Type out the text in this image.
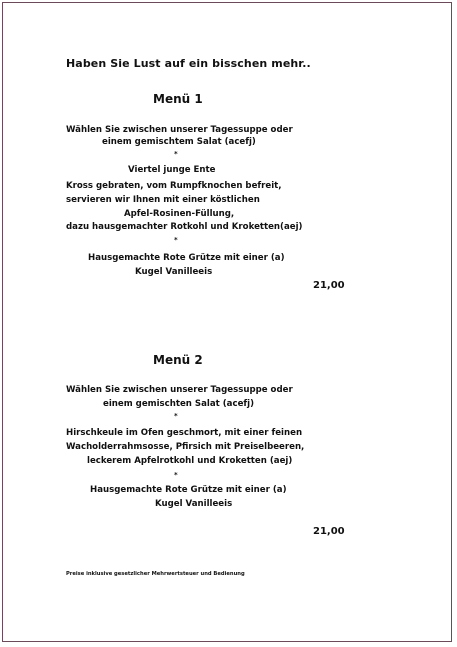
Haben Sie Lust auf ein bisschen mehr..
Menü 1
Wählen Sie zwischen unserer Tagessuppe oder
einem gemischtem Salat (acefj)
*
Viertel junge Ente
Kross gebraten, vom Rumpfknochen befreit,
servieren wir Ihnen mit einer köstlichen
Apfel-Rosinen-Füllung,
dazu hausgemachter Rotkohl und Kroketten(aej)
*
Hausgemachte Rote Grütze mit einer (a)
Kugel Vanilleeis
21,00
Menü 2
Wählen Sie zwischen unserer Tagessuppe oder
einem gemischten Salat (acefj)
*
Hirschkeule im Ofen geschmort, mit einer feinen
Wacholderrahmsosse, Pfirsich mit Preiselbeeren,
leckerem Apfelrotkohl und Kroketten (aej)
*
Hausgemachte Rote Grütze mit einer (a)
Kugel Vanilleeis
21,00
Preise inklusive gesetzlicher Mehrwertsteuer und Bedienung
